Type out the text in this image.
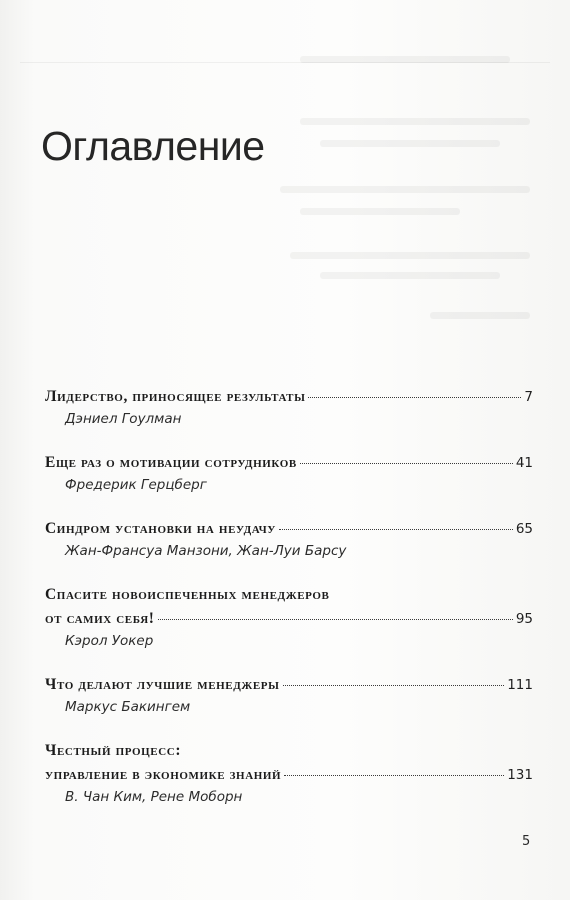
Оглавление
Лидерство, приносящее результаты	7
Дэниел Гоулман
Еще раз о мотивации сотрудников	41
Фредерик Герцберг
Синдром установки на неудачу	65
Жан-Франсуа Манзони, Жан-Луи Барсу
Спасите новоиспеченных менеджеров
от самих себя!	95
Кэрол Уокер
Что делают лучшие менеджеры	111
Маркус Бакингем
Честный процесс:
управление в экономике знаний	131
В. Чан Ким, Рене Моборн
5
